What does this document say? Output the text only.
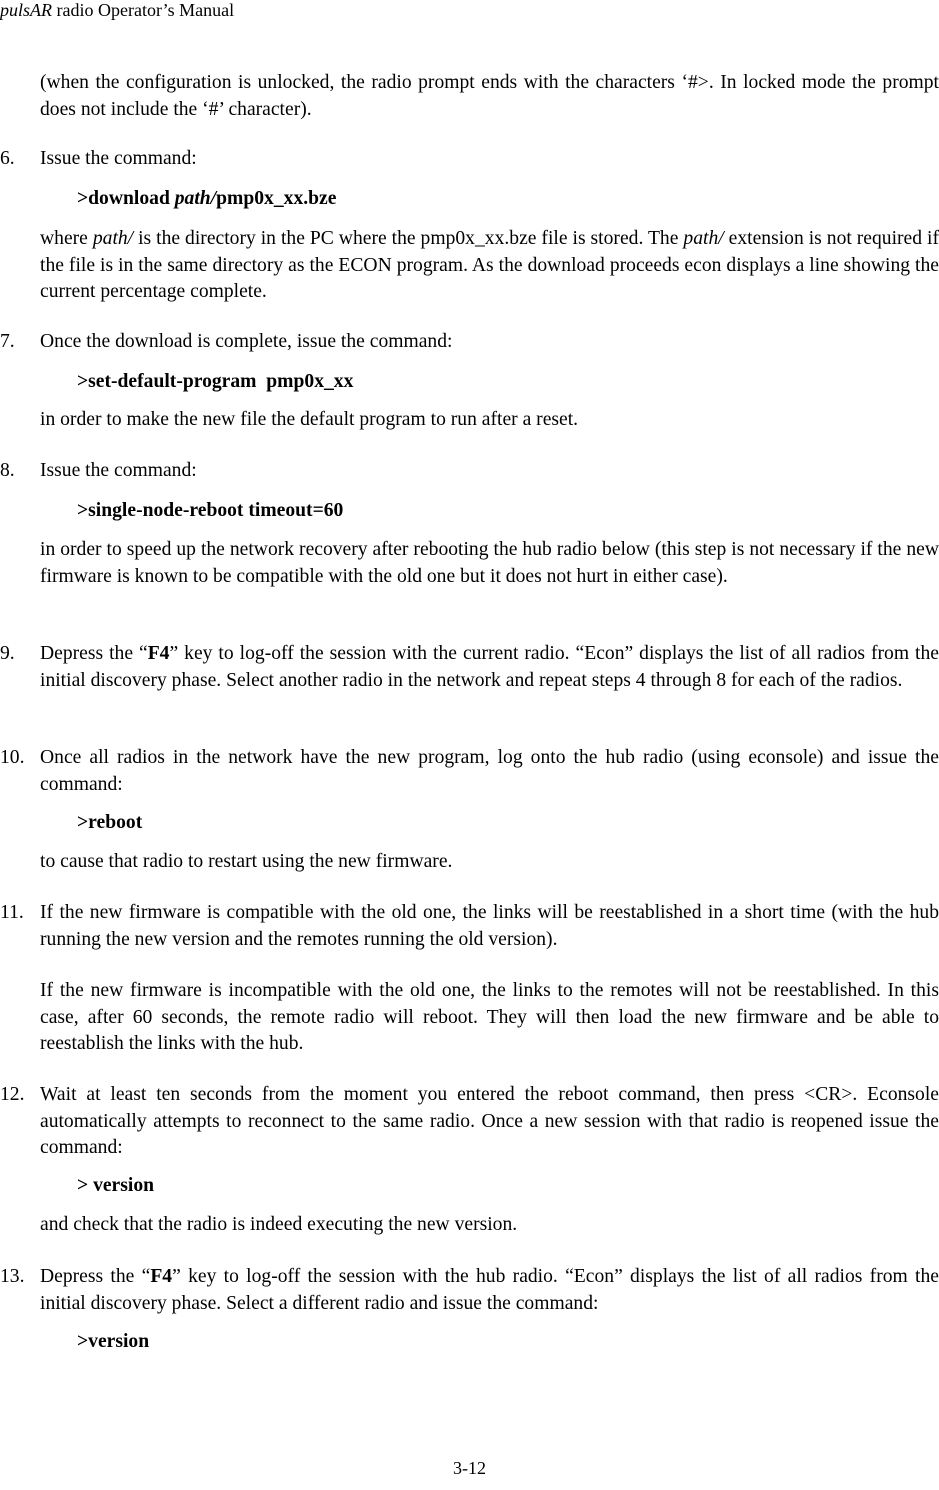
pulsAR radio Operator’s Manual

(when the configuration is unlocked, the radio prompt ends with the characters ‘#>. In locked mode the prompt does not include the ‘#’ character).

6. Issue the command:

>download path/pmp0x_xx.bze

where path/ is the directory in the PC where the pmp0x_xx.bze file is stored. The path/ extension is not required if the file is in the same directory as the ECON program. As the download proceeds econ displays a line showing the current percentage complete.

7. Once the download is complete, issue the command:

>set-default-program  pmp0x_xx

in order to make the new file the default program to run after a reset.

8. Issue the command:

>single-node-reboot timeout=60

in order to speed up the network recovery after rebooting the hub radio below (this step is not necessary if the new firmware is known to be compatible with the old one but it does not hurt in either case).

9. Depress the “F4” key to log-off the session with the current radio. “Econ” displays the list of all radios from the initial discovery phase. Select another radio in the network and repeat steps 4 through 8 for each of the radios.

10. Once all radios in the network have the new program, log onto the hub radio (using econsole) and issue the command:

>reboot

to cause that radio to restart using the new firmware.

11. If the new firmware is compatible with the old one, the links will be reestablished in a short time (with the hub running the new version and the remotes running the old version).

If the new firmware is incompatible with the old one, the links to the remotes will not be reestablished. In this case, after 60 seconds, the remote radio will reboot. They will then load the new firmware and be able to reestablish the links with the hub.

12. Wait at least ten seconds from the moment you entered the reboot command, then press <CR>. Econsole automatically attempts to reconnect to the same radio. Once a new session with that radio is reopened issue the command:

> version

and check that the radio is indeed executing the new version.

13. Depress the “F4” key to log-off the session with the hub radio. “Econ” displays the list of all radios from the initial discovery phase. Select a different radio and issue the command:

>version
3-12
